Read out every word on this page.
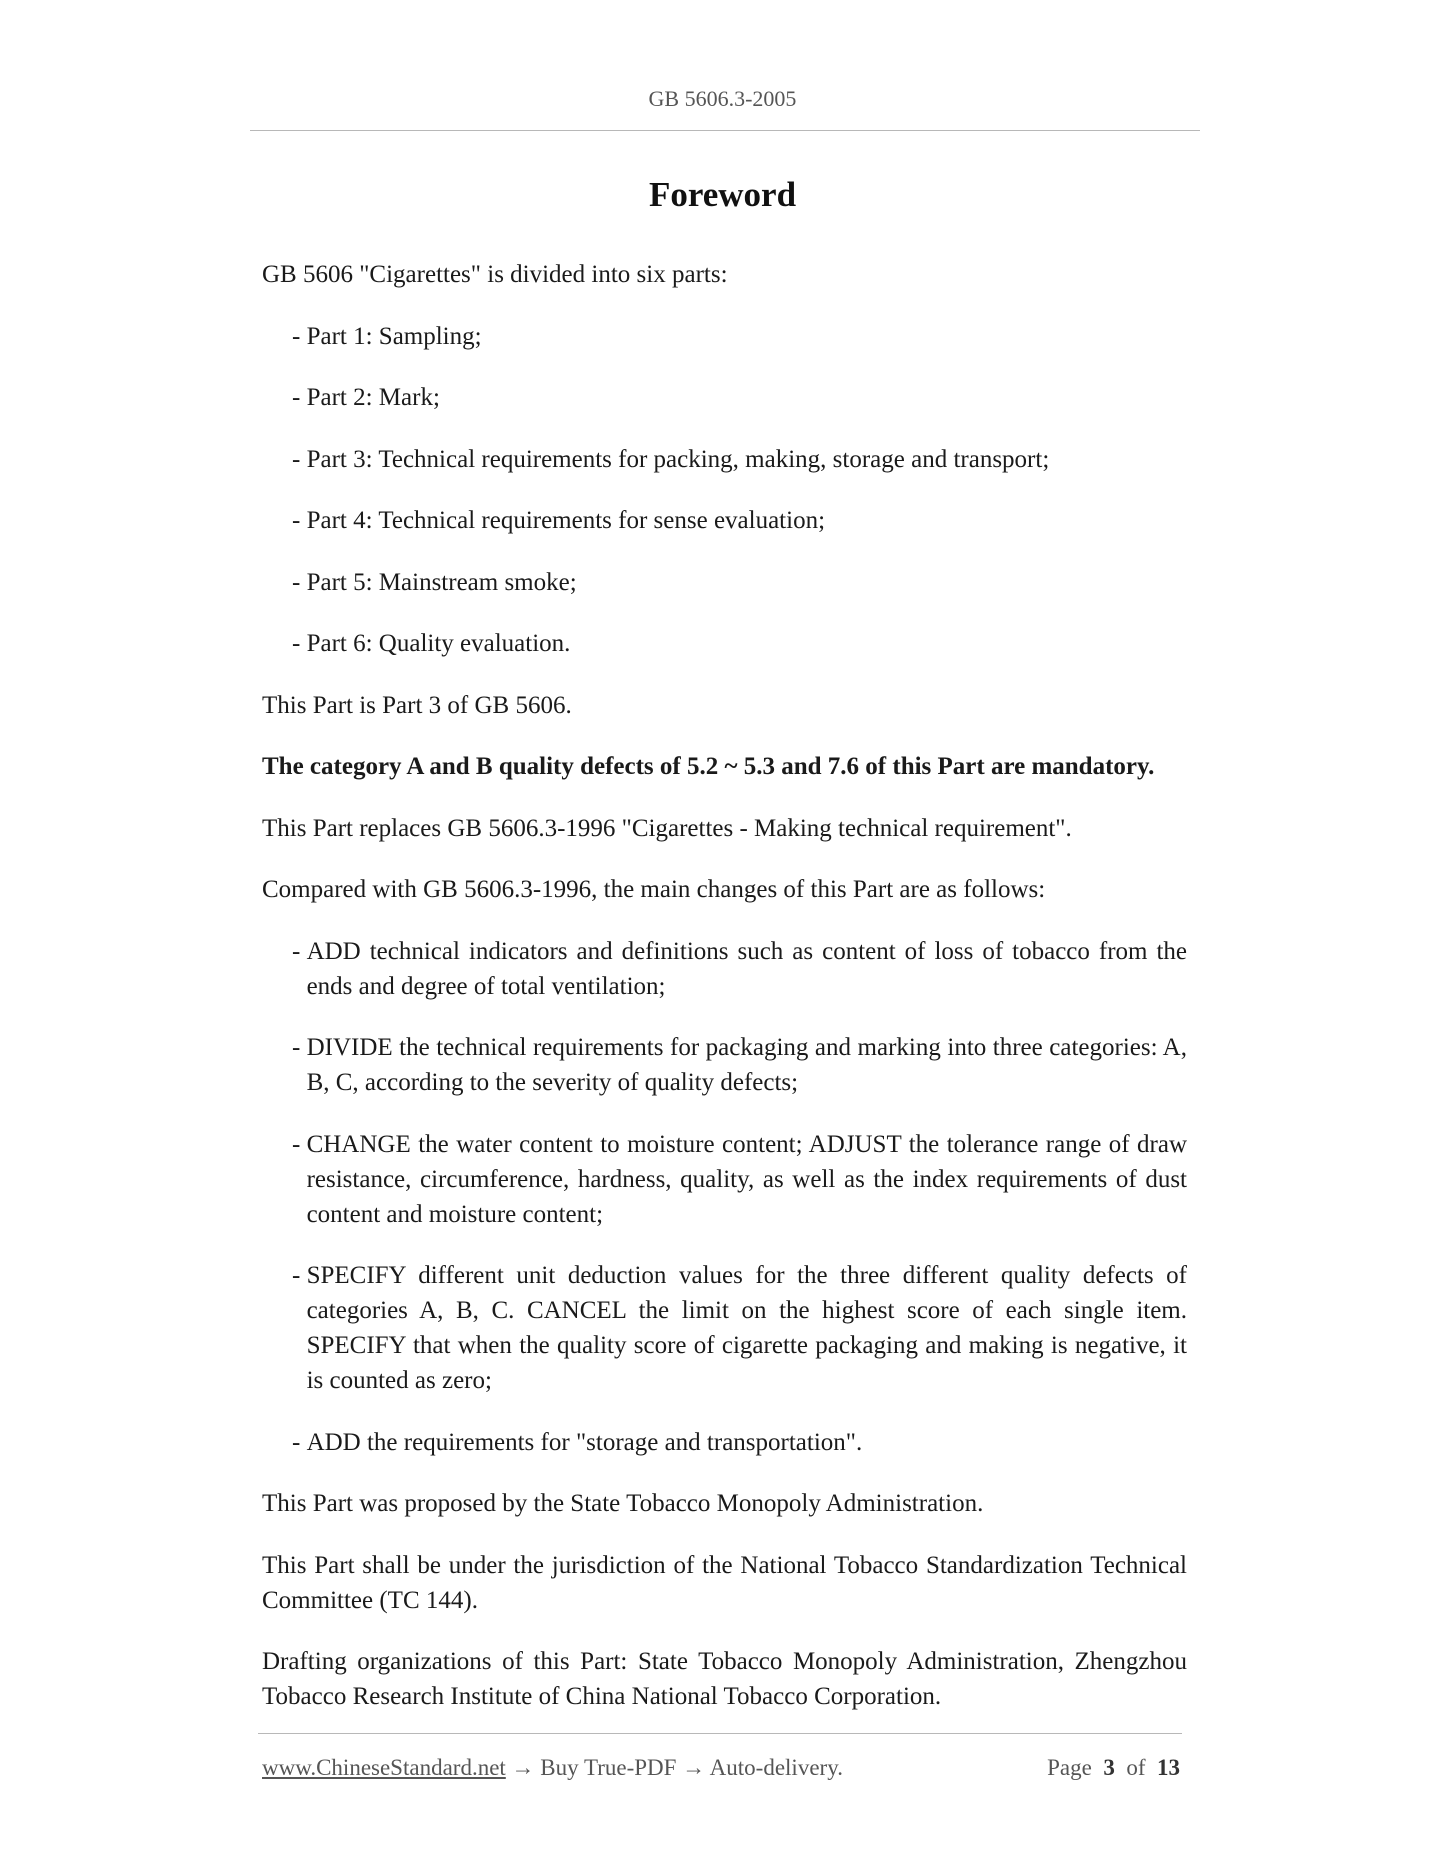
GB 5606.3-2005
Foreword

GB 5606 "Cigarettes" is divided into six parts:

- Part 1: Sampling;
- Part 2: Mark;
- Part 3: Technical requirements for packing, making, storage and transport;
- Part 4: Technical requirements for sense evaluation;
- Part 5: Mainstream smoke;
- Part 6: Quality evaluation.

This Part is Part 3 of GB 5606.

The category A and B quality defects of 5.2 ~ 5.3 and 7.6 of this Part are mandatory.

This Part replaces GB 5606.3-1996 "Cigarettes - Making technical requirement".

Compared with GB 5606.3-1996, the main changes of this Part are as follows:

-
ADD technical indicators and definitions such as content of loss of tobacco from the ends and degree of total ventilation;
-
DIVIDE the technical requirements for packaging and marking into three categories: A, B, C, according to the severity of quality defects;
-
CHANGE the water content to moisture content; ADJUST the tolerance range of draw resistance, circumference, hardness, quality, as well as the index requirements of dust content and moisture content;
-
SPECIFY different unit deduction values for the three different quality defects of categories A, B, C. CANCEL the limit on the highest score of each single item. SPECIFY that when the quality score of cigarette packaging and making is negative, it is counted as zero;
-
ADD the requirements for "storage and transportation".

This Part was proposed by the State Tobacco Monopoly Administration.

This Part shall be under the jurisdiction of the National Tobacco Standardization Technical Committee (TC 144).

Drafting organizations of this Part: State Tobacco Monopoly Administration, Zhengzhou Tobacco Research Institute of China National Tobacco Corporation.

www.ChineseStandard.net → Buy True-PDF → Auto-delivery.	Page 3 of 13
